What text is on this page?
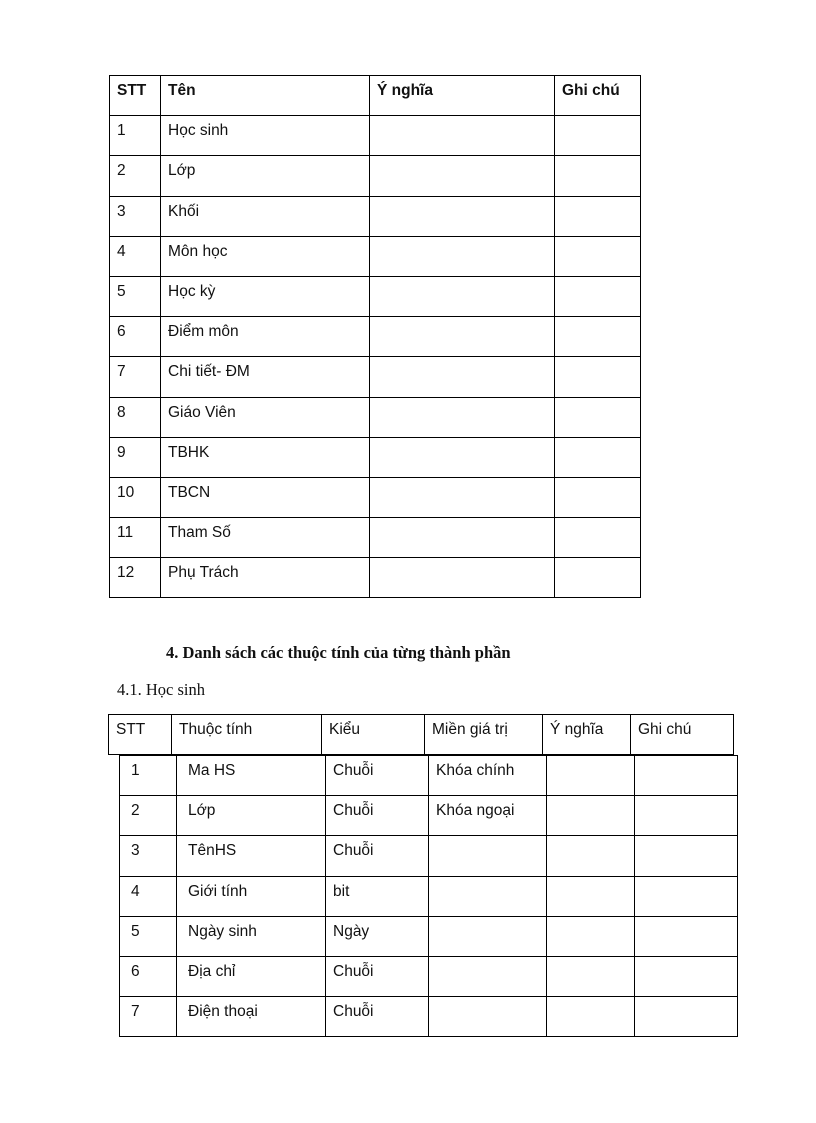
STT	Tên	Ý nghĩa	Ghi chú
1	Học sinh		
2	Lớp		
3	Khối		
4	Môn học		
5	Học kỳ		
6	Điểm môn		
7	Chi tiết- ĐM		
8	Giáo Viên		
9	TBHK		
10	TBCN		
11	Tham Số		
12	Phụ Trách		
4. Danh sách các thuộc tính của từng thành phần
4.1. Học sinh
STT	Thuộc tính	Kiểu	Miền giá trị	Ý nghĩa	Ghi chú
1	Ma HS	Chuỗi	Khóa chính		
2	Lớp	Chuỗi	Khóa ngoại		
3	TênHS	Chuỗi			
4	Giới tính	bit			
5	Ngày sinh	Ngày			
6	Địa chỉ	Chuỗi			
7	Điện thoại	Chuỗi			
